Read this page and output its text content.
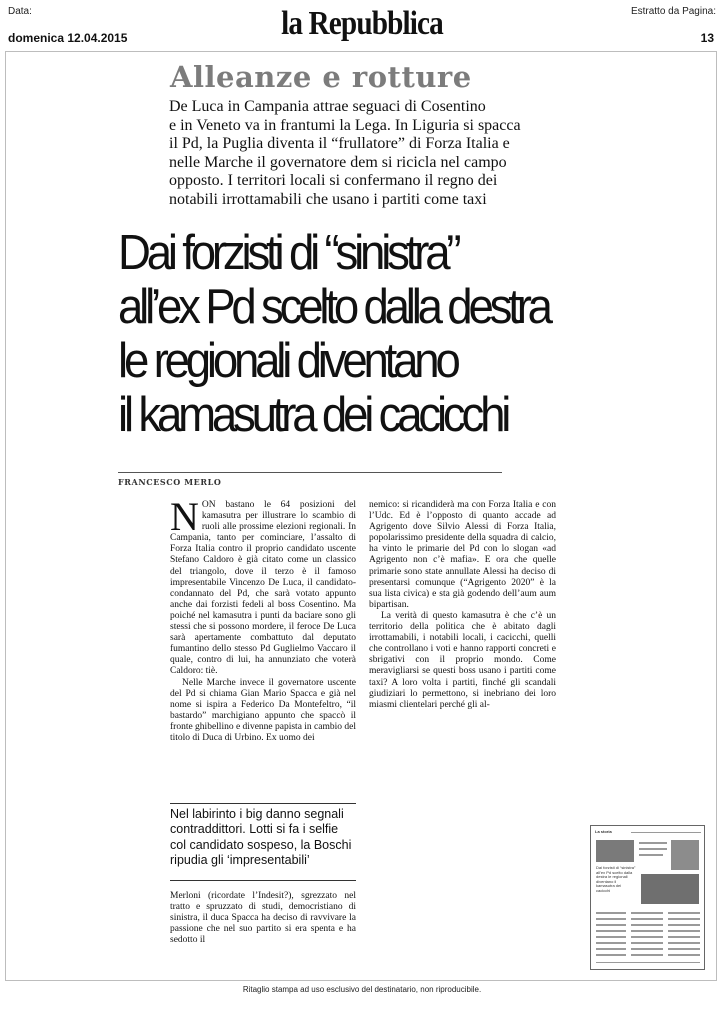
Data:
domenica 12.04.2015	la Repubblica	Estratto da Pagina:
13
Alleanze e rotture
De Luca in Campania attrae seguaci di Cosentino
e in Veneto va in frantumi la Lega. In Liguria si spacca
il Pd, la Puglia diventa il “frullatore” di Forza Italia e
nelle Marche il governatore dem si ricicla nel campo
opposto. I territori locali si confermano il regno dei
notabili irrottamabili che usano i partiti come taxi
Dai forzisti di “sinistra”
all’ex Pd scelto dalla destra
le regionali diventano
il kamasutra dei cacicchi
FRANCESCO MERLO

NON bastano le 64 posizioni del kamasutra per illustrare lo scambio di ruoli alle prossime elezioni regionali. In Campania, tanto per cominciare, l’assalto di Forza Italia contro il proprio candidato uscente Stefano Caldoro è già citato come un classico del triangolo, dove il terzo è il famoso impresentabile Vincenzo De Luca, il candidato-condannato del Pd, che sarà votato appunto anche dai forzisti fedeli al boss Cosentino. Ma poiché nel kamasutra i punti da baciare sono gli stessi che si possono mordere, il feroce De Luca sarà apertamente combattuto dal deputato fumantino dello stesso Pd Guglielmo Vaccaro il quale, contro di lui, ha annunziato che voterà Caldoro: tiè.

Nelle Marche invece il governatore uscente del Pd si chiama Gian Mario Spacca e già nel nome si ispira a Federico Da Montefeltro, “il bastardo” marchigiano appunto che spaccò il fronte ghibellino e divenne papista in cambio del titolo di Duca di Urbino. Ex uomo dei

Nel labirinto i big danno segnali contraddittori. Lotti si fa i selfie col candidato sospeso, la Boschi ripudia gli ‘impresentabili’

Merloni (ricordate l’Indesit?), sgrezzato nel tratto e spruzzato di studi, democristiano di sinistra, il duca Spacca ha deciso di ravvivare la passione che nel suo partito si era spenta e ha sedotto il

nemico: si ricandiderà ma con Forza Italia e con l’Udc. Ed è l’opposto di quanto accade ad Agrigento dove Silvio Alessi di Forza Italia, popolarissimo presidente della squadra di calcio, ha vinto le primarie del Pd con lo slogan «ad Agrigento non c’è mafia». E ora che quelle primarie sono state annullate Alessi ha deciso di presentarsi comunque (“Agrigento 2020” è la sua lista civica) e sta già godendo dell’aum aum bipartisan.

La verità di questo kamasutra è che c’è un territorio della politica che è abitato dagli irrottamabili, i notabili locali, i cacicchi, quelli che controllano i voti e hanno rapporti concreti e sbrigativi con il proprio mondo. Come meravigliarsi se questi boss usano i partiti come taxi? A loro volta i partiti, finché gli scandali giudiziari lo permettono, si inebriano dei loro miasmi clientelari perché gli al-

La storia
Dai forzisti di “sinistra” all’ex Pd scelto dalla destra le regionali diventano il kamasutra dei cacicchi
Ritaglio stampa ad uso esclusivo del destinatario, non riproducibile.
